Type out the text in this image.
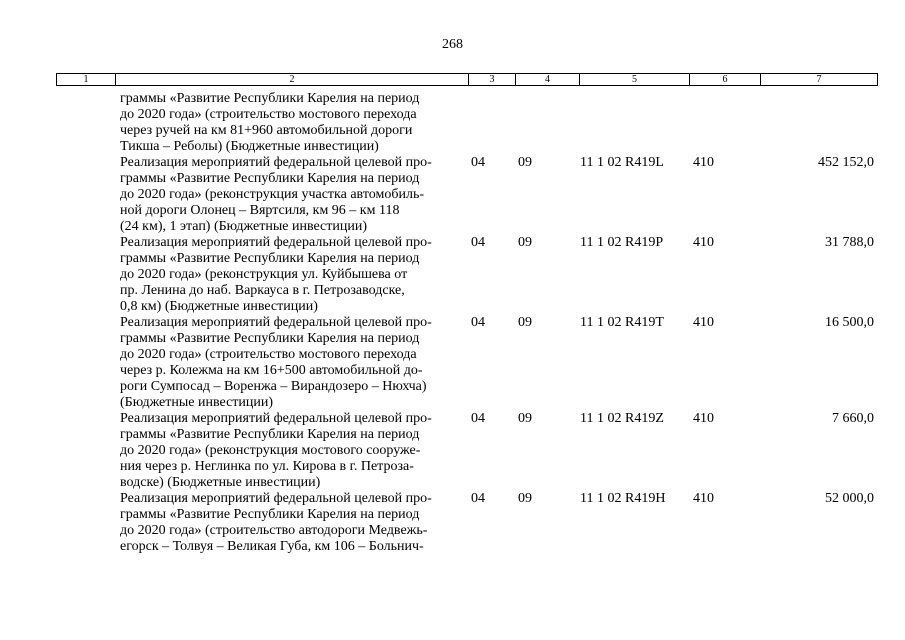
268
1	2	3	4	5	6	7
граммы «Развитие Республики Карелия на период
до 2020 года» (строительство мостового перехода
через ручей на км 81+960 автомобильной дороги
Тикша – Реболы) (Бюджетные инвестиции)
Реализация мероприятий федеральной целевой про-
граммы «Развитие Республики Карелия на период
до 2020 года» (реконструкция участка автомобиль-
ной дороги Олонец – Вяртсиля, км 96 – км 118
(24 км), 1 этап) (Бюджетные инвестиции)
04 09	11 1 02 R419L 410	452 152,0
Реализация мероприятий федеральной целевой про-
граммы «Развитие Республики Карелия на период
до 2020 года» (реконструкция ул. Куйбышева от
пр. Ленина до наб. Варкауса в г. Петрозаводске,
0,8 км) (Бюджетные инвестиции)
04 09	11 1 02 R419P 410	31 788,0
Реализация мероприятий федеральной целевой про-
граммы «Развитие Республики Карелия на период
до 2020 года» (строительство мостового перехода
через р. Колежма на км 16+500 автомобильной до-
роги Сумпосад – Воренжа – Вирандозеро – Нюхча)
(Бюджетные инвестиции)
04 09	11 1 02 R419T 410	16 500,0
Реализация мероприятий федеральной целевой про-
граммы «Развитие Республики Карелия на период
до 2020 года» (реконструкция мостового сооруже-
ния через р. Неглинка по ул. Кирова в г. Петроза-
водске) (Бюджетные инвестиции)
04 09	11 1 02 R419Z 410	7 660,0
Реализация мероприятий федеральной целевой про-
граммы «Развитие Республики Карелия на период
до 2020 года» (строительство автодороги Медвежь-
егорск – Толвуя – Великая Губа, км 106 – Больнич-
04 09	11 1 02 R419H 410	52 000,0
